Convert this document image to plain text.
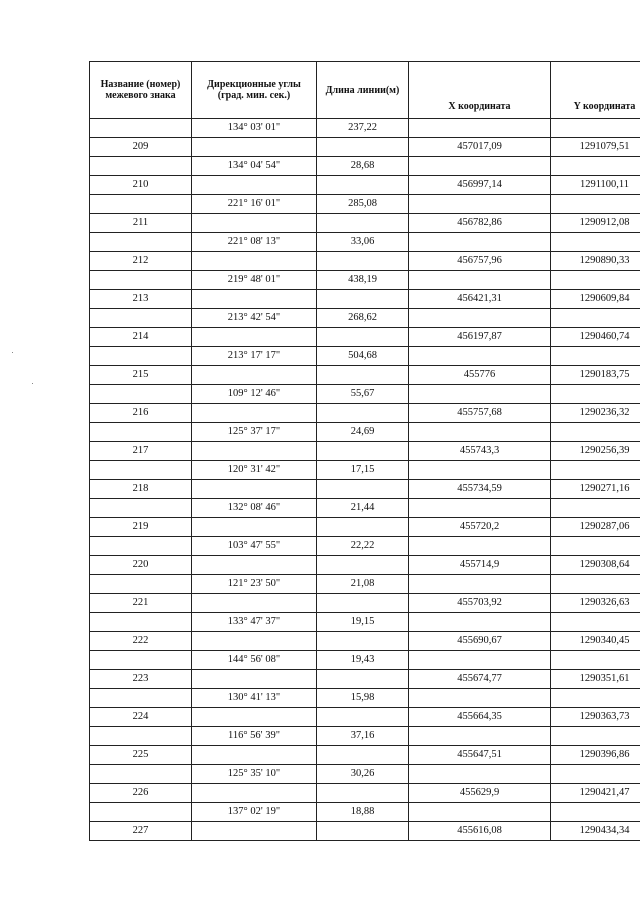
Название (номер) межевого знака	Дирекционные углы (град. мин. сек.)	Длина линии(м)	X координата	Y координата
	134° 03' 01"	237,22		
209			457017,09	1291079,51
	134° 04' 54"	28,68		
210			456997,14	1291100,11
	221° 16' 01"	285,08		
211			456782,86	1290912,08
	221° 08' 13"	33,06		
212			456757,96	1290890,33
	219° 48' 01"	438,19		
213			456421,31	1290609,84
	213° 42' 54"	268,62		
214			456197,87	1290460,74
	213° 17' 17"	504,68		
215			455776	1290183,75
	109° 12' 46"	55,67		
216			455757,68	1290236,32
	125° 37' 17"	24,69		
217			455743,3	1290256,39
	120° 31' 42"	17,15		
218			455734,59	1290271,16
	132° 08' 46"	21,44		
219			455720,2	1290287,06
	103° 47' 55"	22,22		
220			455714,9	1290308,64
	121° 23' 50"	21,08		
221			455703,92	1290326,63
	133° 47' 37"	19,15		
222			455690,67	1290340,45
	144° 56' 08"	19,43		
223			455674,77	1290351,61
	130° 41' 13"	15,98		
224			455664,35	1290363,73
	116° 56' 39"	37,16		
225			455647,51	1290396,86
	125° 35' 10"	30,26		
226			455629,9	1290421,47
	137° 02' 19"	18,88		
227			455616,08	1290434,34
